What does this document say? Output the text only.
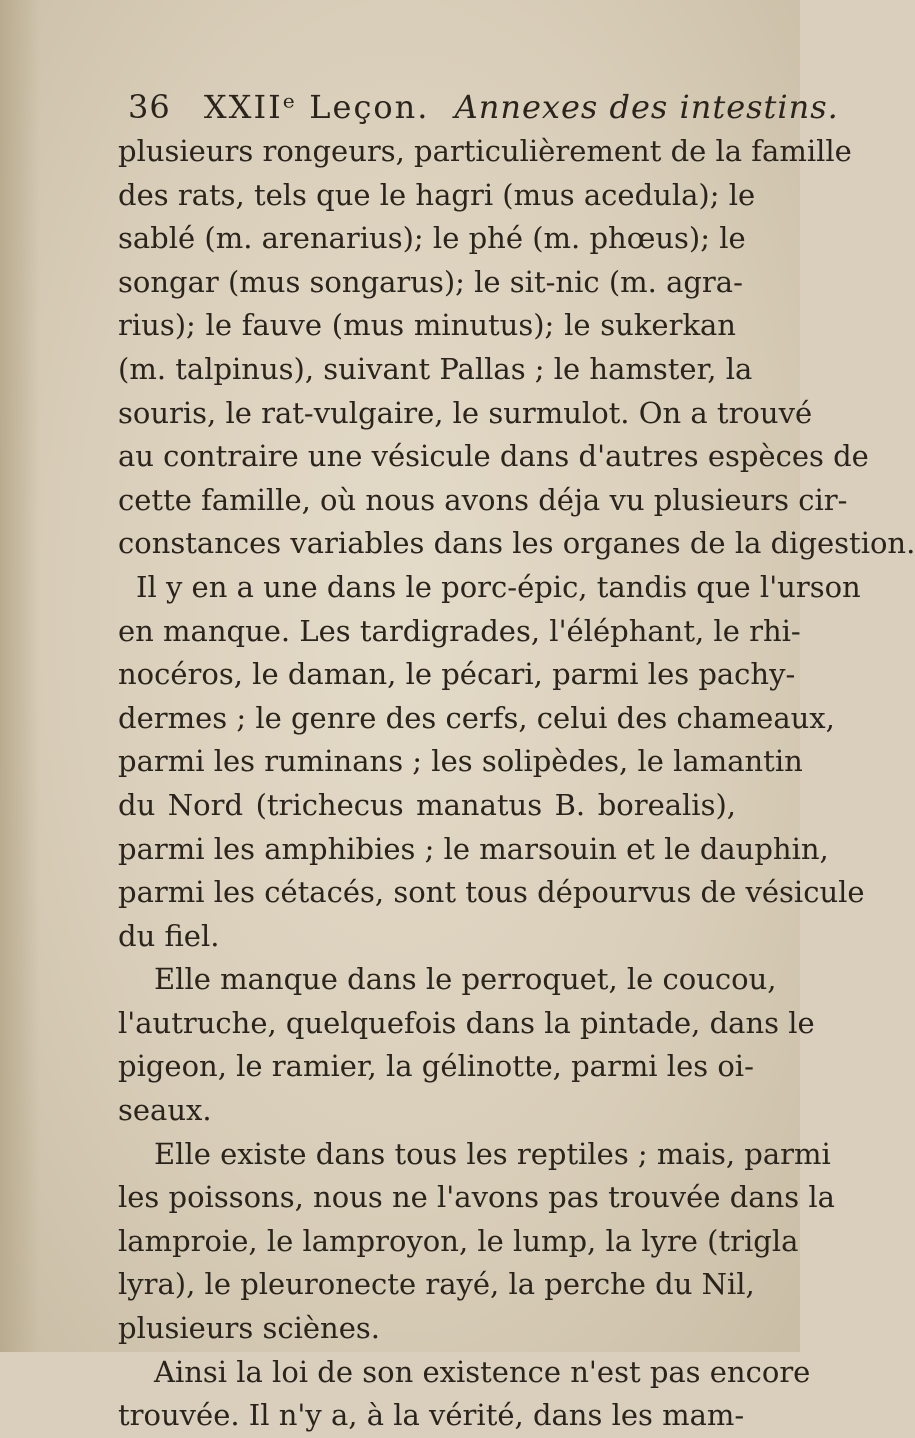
36 XXIIᵉ Leçon. Annexes des intestins.
plusieurs rongeurs, particulièrement de la famille
des rats, tels que le hagri (mus acedula); le
sablé (m. arenarius); le phé (m. phœus); le
songar (mus songarus); le sit-nic (m. agra-
rius); le fauve (mus minutus); le sukerkan
(m. talpinus), suivant Pallas ; le hamster, la
souris, le rat-vulgaire, le surmulot. On a trouvé
au contraire une vésicule dans d'autres espèces de
cette famille, où nous avons déja vu plusieurs cir-
constances variables dans les organes de la digestion.
Il y en a une dans le porc-épic, tandis que l'urson
en manque. Les tardigrades, l'éléphant, le rhi-
nocéros, le daman, le pécari, parmi les pachy-
dermes ; le genre des cerfs, celui des chameaux,
parmi les ruminans ; les solipèdes, le lamantin
du Nord (trichecus manatus B. borealis),
parmi les amphibies ; le marsouin et le dauphin,
parmi les cétacés, sont tous dépourvus de vésicule
du fiel.
Elle manque dans le perroquet, le coucou,
l'autruche, quelquefois dans la pintade, dans le
pigeon, le ramier, la gélinotte, parmi les oi-
seaux.
Elle existe dans tous les reptiles ; mais, parmi
les poissons, nous ne l'avons pas trouvée dans la
lamproie, le lamproyon, le lump, la lyre (trigla
lyra), le pleuronecte rayé, la perche du Nil,
plusieurs sciènes.
Ainsi la loi de son existence n'est pas encore
trouvée. Il n'y a, à la vérité, dans les mam-
